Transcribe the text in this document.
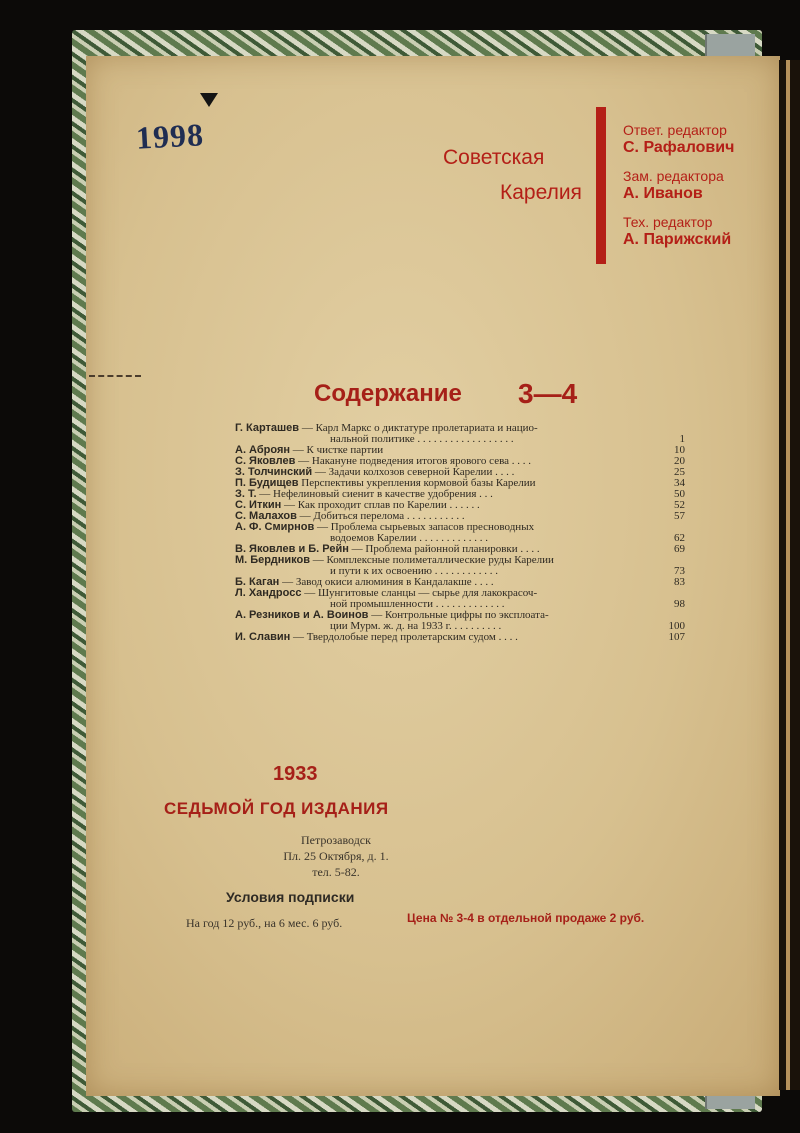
1998
Советская
Карелия
Ответ. редактор
С. Рафалович
Зам. редактора
А. Иванов
Тех. редактор
А. Парижский
Содержание 3—4
Г. Карташев — Карл Маркс о диктатуре пролетариата и нацио-
нальной политике . . . . . . . . . . . . . . . . . .	1
А. Аброян — К чистке партии	10
С. Яковлев — Накануне подведения итогов ярового сева . . . .	20
З. Толчинский — Задачи колхозов северной Карелии . . . .	25
П. Будищев Перспективы укрепления кормовой базы Карелии	34
З. Т. — Нефелиновый сиенит в качестве удобрения . . .	50
С. Иткин — Как проходит сплав по Карелии . . . . . .	52
С. Малахов — Добиться перелома . . . . . . . . . . .	57
А. Ф. Смирнов — Проблема сырьевых запасов пресноводных
водоемов Карелии . . . . . . . . . . . . .	62
В. Яковлев и Б. Рейн — Проблема районной планировки . . . .	69
М. Бердников — Комплексные полиметаллические руды Карелии
и пути к их освоению . . . . . . . . . . . .	73
Б. Каган — Завод окиси алюминия в Кандалакше . . . .	83
Л. Хандросс — Шунгитовые сланцы — сырье для лакокрасоч-
ной промышленности . . . . . . . . . . . . .	98
А. Резников и А. Воинов — Контрольные цифры по эксплоата-
ции Мурм. ж. д. на 1933 г. . . . . . . . . .	100
И. Славин — Твердолобые перед пролетарским судом . . . .	107
1933
СЕДЬМОЙ ГОД ИЗДАНИЯ
Петрозаводск
Пл. 25 Октября, д. 1.
тел. 5-82.
Условия подписки
На год 12 руб., на 6 мес. 6 руб.	Цена № 3-4 в отдельной продаже 2 руб.
